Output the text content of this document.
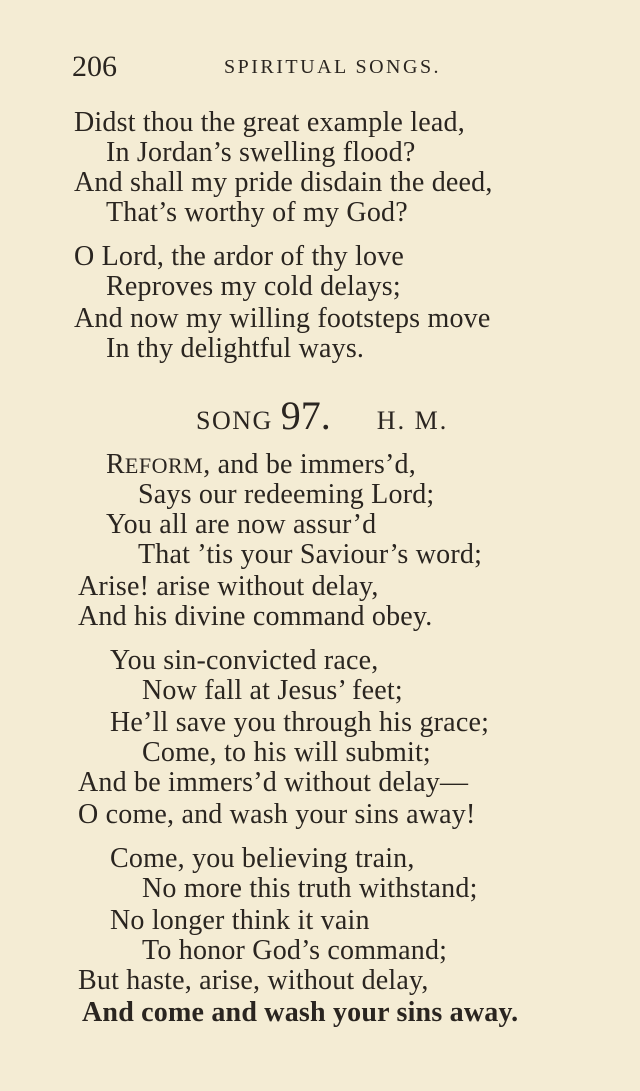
206	SPIRITUAL SONGS.
Didst thou the great example lead,
In Jordan’s swelling flood?
And shall my pride disdain the deed,
That’s worthy of my God?
O Lord, the ardor of thy love
Reproves my cold delays;
And now my willing footsteps move
In thy delightful ways.
SONG 97. H. M.
REFORM, and be immers’d,
Says our redeeming Lord;
You all are now assur’d
That ’tis your Saviour’s word;
Arise! arise without delay,
And his divine command obey.
You sin-convicted race,
Now fall at Jesus’ feet;
He’ll save you through his grace;
Come, to his will submit;
And be immers’d without delay—
O come, and wash your sins away!
Come, you believing train,
No more this truth withstand;
No longer think it vain
To honor God’s command;
But haste, arise, without delay,
And come and wash your sins away.
